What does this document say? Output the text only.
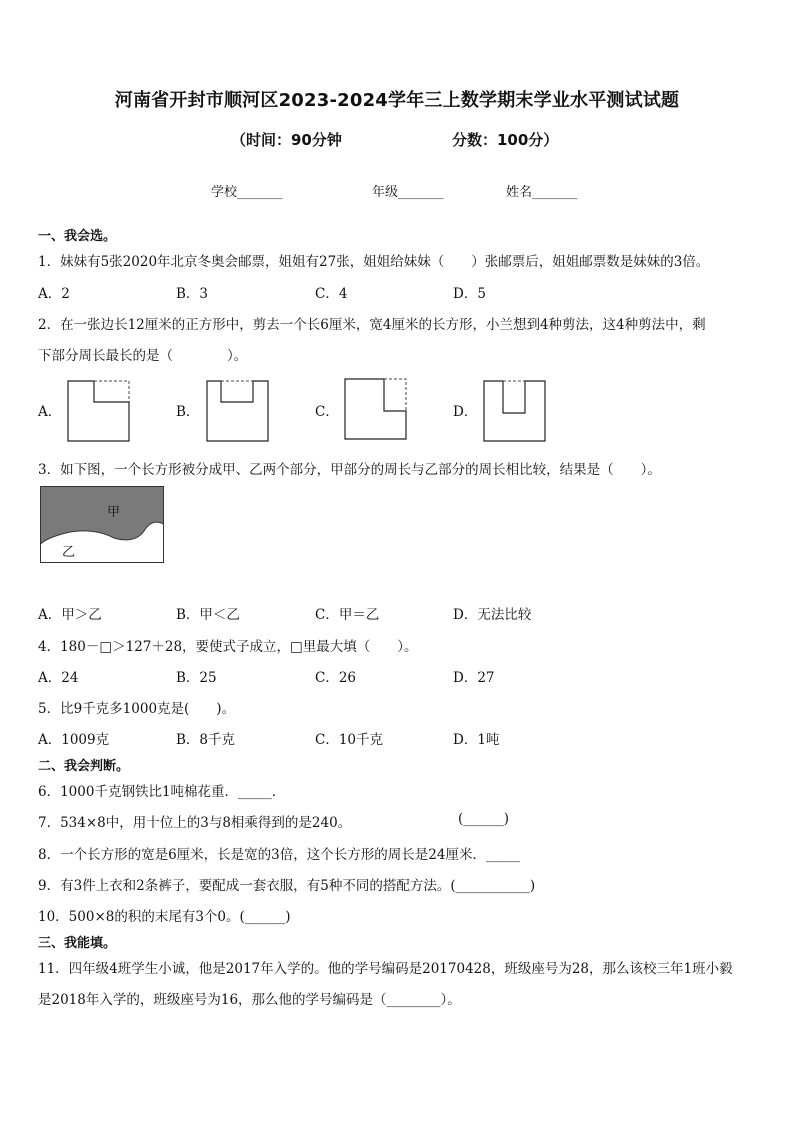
河南省开封市顺河区2023-2024学年三上数学期末学业水平测试试题
（时间：90分钟	分数：100分）
学校_______	年级_______	姓名_______
一、我会选。
1．妹妹有5张2020年北京冬奥会邮票，姐姐有27张，姐姐给妹妹（　　）张邮票后，姐姐邮票数是妹妹的3倍。
A．2	B．3	C．4	D．5
2．在一张边长12厘米的正方形中，剪去一个长6厘米，宽4厘米的长方形，小兰想到4种剪法，这4种剪法中，剩
下部分周长最长的是（　　　　）。
A．	B．	C．	D．
3．如下图，一个长方形被分成甲、乙两个部分，甲部分的周长与乙部分的周长相比较，结果是（　　）。
甲
乙
A．甲＞乙	B．甲＜乙	C．甲＝乙	D．无法比较
4．180－□＞127＋28，要使式子成立，□里最大填（　　）。
A．24	B．25	C．26	D．27
5．比9千克多1000克是(　　)。
A．1009克	B．8千克	C．10千克	D．1吨
二、我会判断。
6．1000千克钢铁比1吨棉花重．_____．
7．534×8中，用十位上的3与8相乘得到的是240。	(______)
8．一个长方形的宽是6厘米，长是宽的3倍，这个长方形的周长是24厘米．_____
9．有3件上衣和2条裤子，要配成一套衣服，有5种不同的搭配方法。(___________)
10．500×8的积的末尾有3个0。(______)
三、我能填。
11．四年级4班学生小诚，他是2017年入学的。他的学号编码是20170428，班级座号为28，那么该校三年1班小毅
是2018年入学的，班级座号为16，那么他的学号编码是（________）。
